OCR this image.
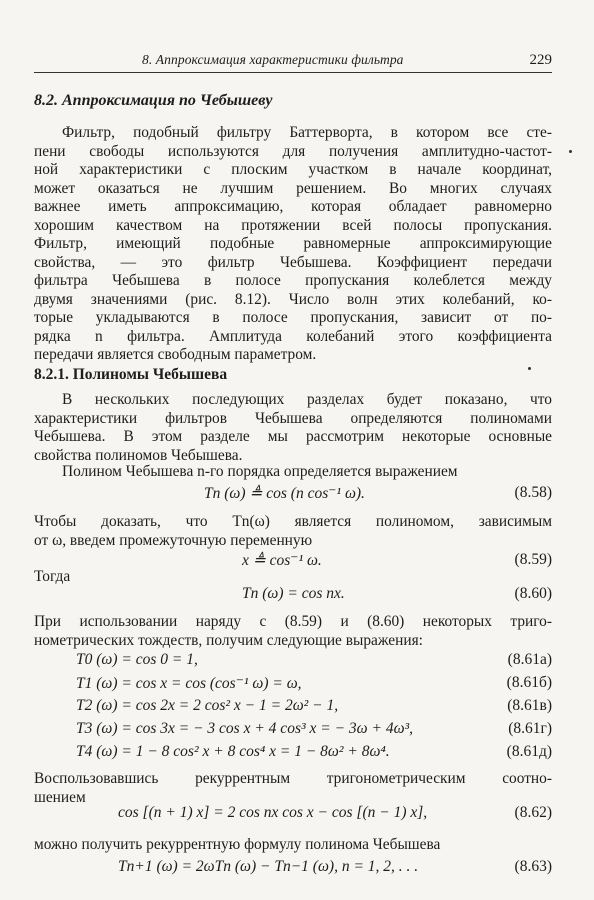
8. Аппроксимация характеристики фильтра	229
8.2. Аппроксимация по Чебышеву
Фильтр, подобный фильтру Баттерворта, в котором все сте-
пени свободы используются для получения амплитудно-частот-
ной характеристики с плоским участком в начале координат,
может оказаться не лучшим решением. Во многих случаях
важнее иметь аппроксимацию, которая обладает равномерно
хорошим качеством на протяжении всей полосы пропускания.
Фильтр, имеющий подобные равномерные аппроксимирующие
свойства, — это фильтр Чебышева. Коэффициент передачи
фильтра Чебышева в полосе пропускания колеблется между
двумя значениями (рис. 8.12). Число волн этих колебаний, ко-
торые укладываются в полосе пропускания, зависит от по-
рядка n фильтра. Амплитуда колебаний этого коэффициента
передачи является свободным параметром.
8.2.1. Полиномы Чебышева
В нескольких последующих разделах будет показано, что
характеристики фильтров Чебышева определяются полиномами
Чебышева. В этом разделе мы рассмотрим некоторые основные
свойства полиномов Чебышева.
Полином Чебышева n-го порядка определяется выражением
Tn (ω) ≜ cos (n cos⁻¹ ω).	(8.58)
Чтобы доказать, что Tn(ω) является полиномом, зависимым
от ω, введем промежуточную переменную
x ≜ cos⁻¹ ω.	(8.59)
Тогда
Tn (ω) = cos nx.	(8.60)
При использовании наряду с (8.59) и (8.60) некоторых триго-
нометрических тождеств, получим следующие выражения:
T0 (ω) = cos 0 = 1,	(8.61a)
T1 (ω) = cos x = cos (cos⁻¹ ω) = ω,	(8.61б)
T2 (ω) = cos 2x = 2 cos² x − 1 = 2ω² − 1,	(8.61в)
T3 (ω) = cos 3x = − 3 cos x + 4 cos³ x = − 3ω + 4ω³,	(8.61г)
T4 (ω) = 1 − 8 cos² x + 8 cos⁴ x = 1 − 8ω² + 8ω⁴.	(8.61д)
Воспользовавшись рекуррентным тригонометрическим соотно-
шением
cos [(n + 1) x] = 2 cos nx cos x − cos [(n − 1) x],	(8.62)
можно получить рекуррентную формулу полинома Чебышева
Tn+1 (ω) = 2ωTn (ω) − Tn−1 (ω), n = 1, 2, . . .	(8.63)
